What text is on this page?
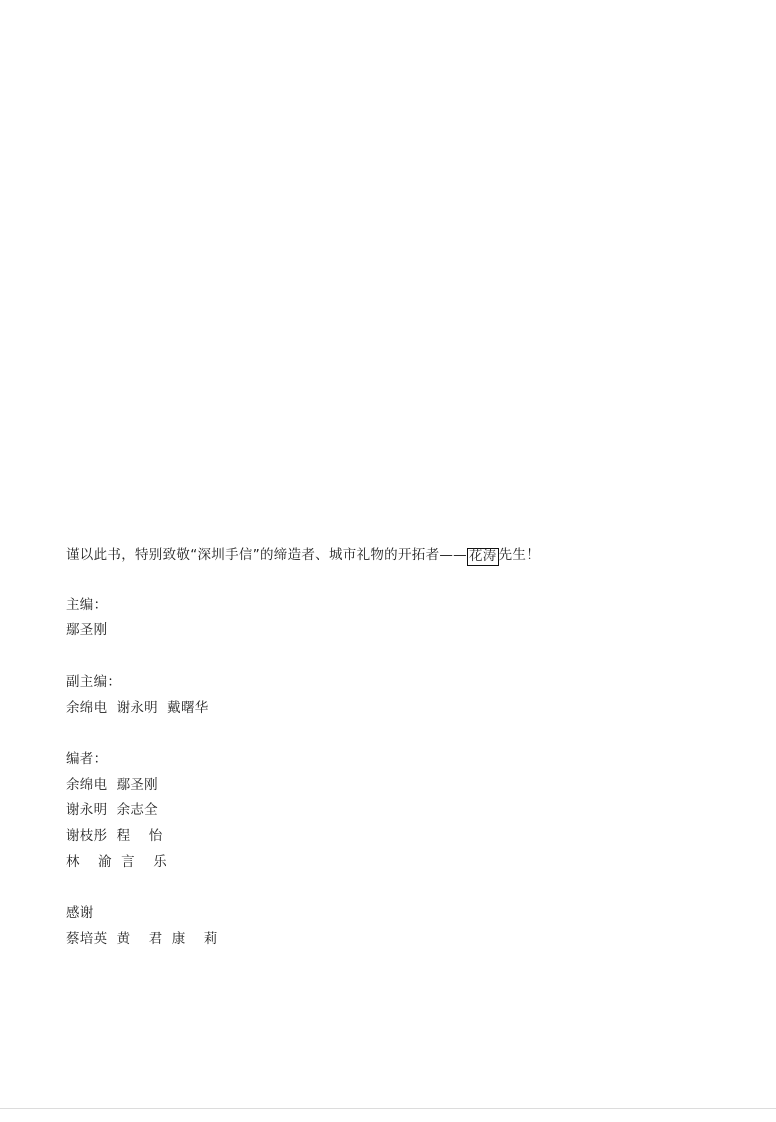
谨以此书，特别致敬“深圳手信”的缔造者、城市礼物的开拓者—— 花涛 先生！
主编：
鄢圣刚
副主编：
余绵电  谢永明  戴曙华
编者：
余绵电  鄢圣刚
谢永明  余志全
谢枝彤  程    怡
林    渝  言    乐
感谢
蔡培英  黄    君  康    莉
